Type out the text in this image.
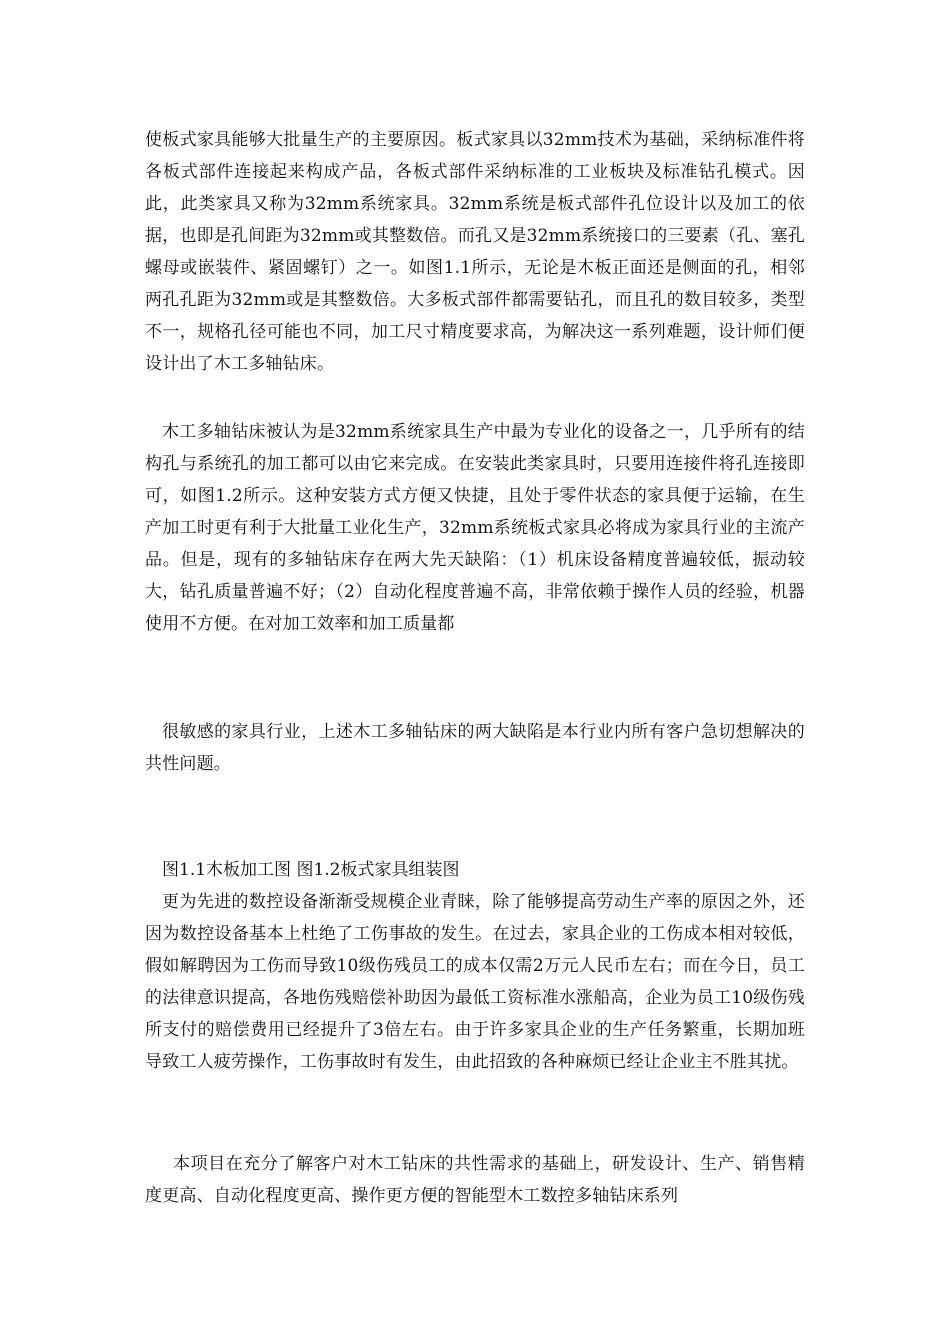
使板式家具能够大批量生产的主要原因。板式家具以32mm技术为基础，采纳标准件将各板式部件连接起来构成产品，各板式部件采纳标准的工业板块及标准钻孔模式。因此，此类家具又称为32mm系统家具。32mm系统是板式部件孔位设计以及加工的依据，也即是孔间距为32mm或其整数倍。而孔又是32mm系统接口的三要素（孔、塞孔螺母或嵌装件、紧固螺钉）之一。如图1.1所示，无论是木板正面还是侧面的孔，相邻两孔孔距为32mm或是其整数倍。大多板式部件都需要钻孔，而且孔的数目较多，类型不一，规格孔径可能也不同，加工尺寸精度要求高，为解决这一系列难题，设计师们便设计出了木工多轴钻床。

木工多轴钻床被认为是32mm系统家具生产中最为专业化的设备之一，几乎所有的结构孔与系统孔的加工都可以由它来完成。在安装此类家具时，只要用连接件将孔连接即可，如图1.2所示。这种安装方式方便又快捷，且处于零件状态的家具便于运输，在生产加工时更有利于大批量工业化生产，32mm系统板式家具必将成为家具行业的主流产品。但是，现有的多轴钻床存在两大先天缺陷：（1）机床设备精度普遍较低，振动较大，钻孔质量普遍不好；（2）自动化程度普遍不高，非常依赖于操作人员的经验，机器使用不方便。在对加工效率和加工质量都

很敏感的家具行业，上述木工多轴钻床的两大缺陷是本行业内所有客户急切想解决的共性问题。

图1.1木板加工图 图1.2板式家具组装图

更为先进的数控设备渐渐受规模企业青睐，除了能够提高劳动生产率的原因之外，还因为数控设备基本上杜绝了工伤事故的发生。在过去，家具企业的工伤成本相对较低，假如解聘因为工伤而导致10级伤残员工的成本仅需2万元人民币左右；而在今日，员工的法律意识提高，各地伤残赔偿补助因为最低工资标准水涨船高，企业为员工10级伤残所支付的赔偿费用已经提升了3倍左右。由于许多家具企业的生产任务繁重，长期加班导致工人疲劳操作，工伤事故时有发生，由此招致的各种麻烦已经让企业主不胜其扰。

本项目在充分了解客户对木工钻床的共性需求的基础上，研发设计、生产、销售精度更高、自动化程度更高、操作更方便的智能型木工数控多轴钻床系列
